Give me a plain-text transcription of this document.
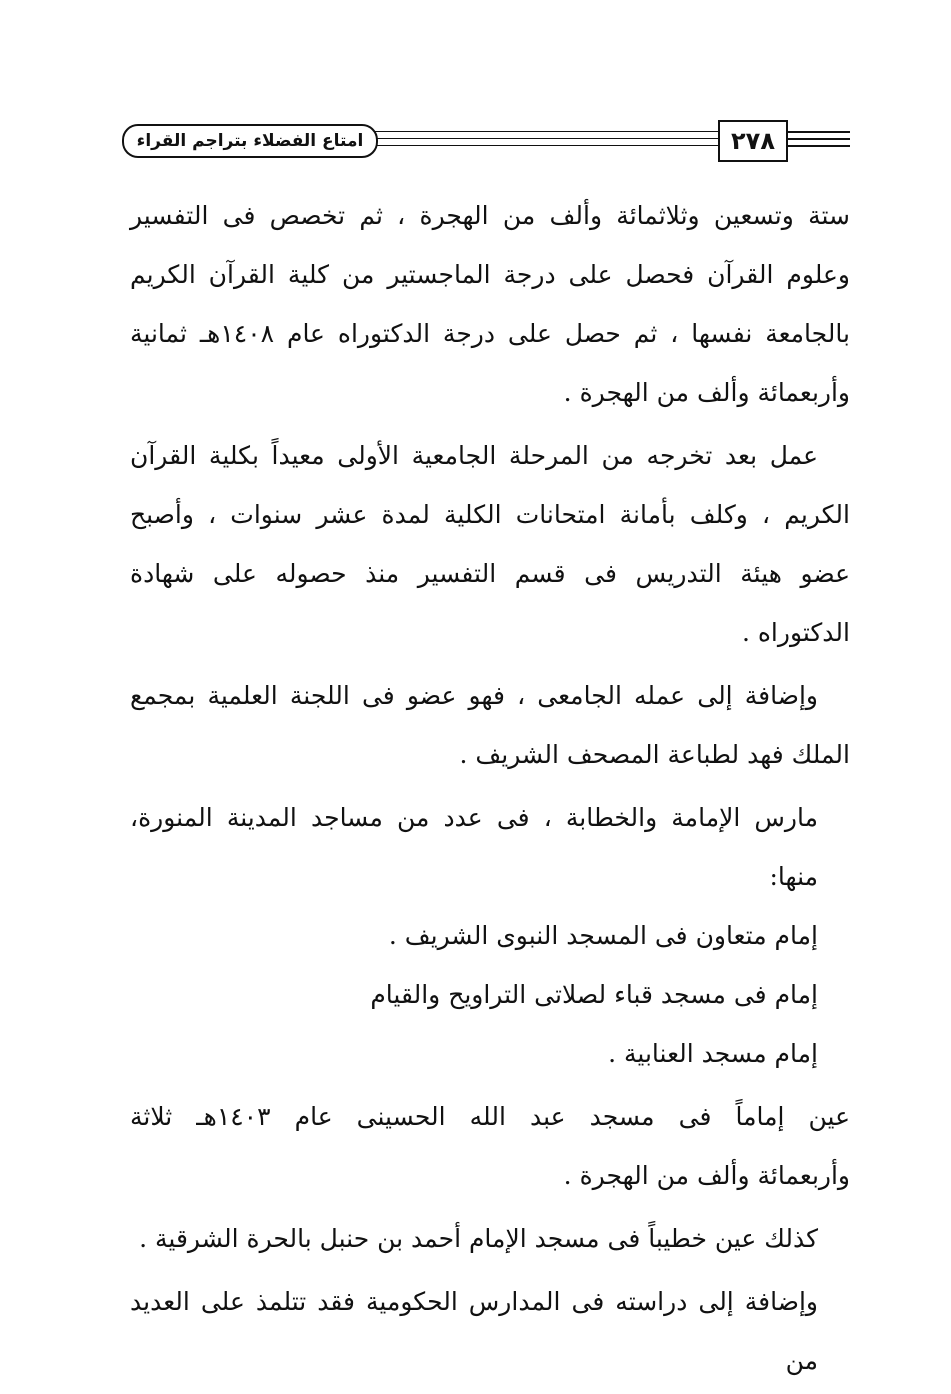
امتاع الفضلاء بتراجم القراء	٢٧٨

ستة وتسعين وثلاثمائة وألف من الهجرة ، ثم تخصص فى التفسير
وعلوم القرآن فحصل على درجة الماجستير من كلية القرآن الكريم
بالجامعة نفسها ، ثم حصل على درجة الدكتوراه عام ١٤٠٨هـ ثمانية
وأربعمائة وألف من الهجرة .

عمل بعد تخرجه من المرحلة الجامعية الأولى معيداً بكلية القرآن
الكريم ، وكلف بأمانة امتحانات الكلية لمدة عشر سنوات ، وأصبح
عضو هيئة التدريس فى قسم التفسير منذ حصوله على شهادة
الدكتوراه .

وإضافة إلى عمله الجامعى ، فهو عضو فى اللجنة العلمية بمجمع
الملك فهد لطباعة المصحف الشريف .

مارس الإمامة والخطابة ، فى عدد من مساجد المدينة المنورة، منها:
إمام متعاون فى المسجد النبوى الشريف .
إمام فى مسجد قباء لصلاتى التراويح والقيام
إمام مسجد العنابية .

عين إماماً فى مسجد عبد الله الحسينى عام ١٤٠٣هـ ثلاثة
وأربعمائة وألف من الهجرة .

كذلك عين خطيباً فى مسجد الإمام أحمد بن حنبل بالحرة الشرقية .

وإضافة إلى دراسته فى المدارس الحكومية فقد تتلمذ على العديد من
